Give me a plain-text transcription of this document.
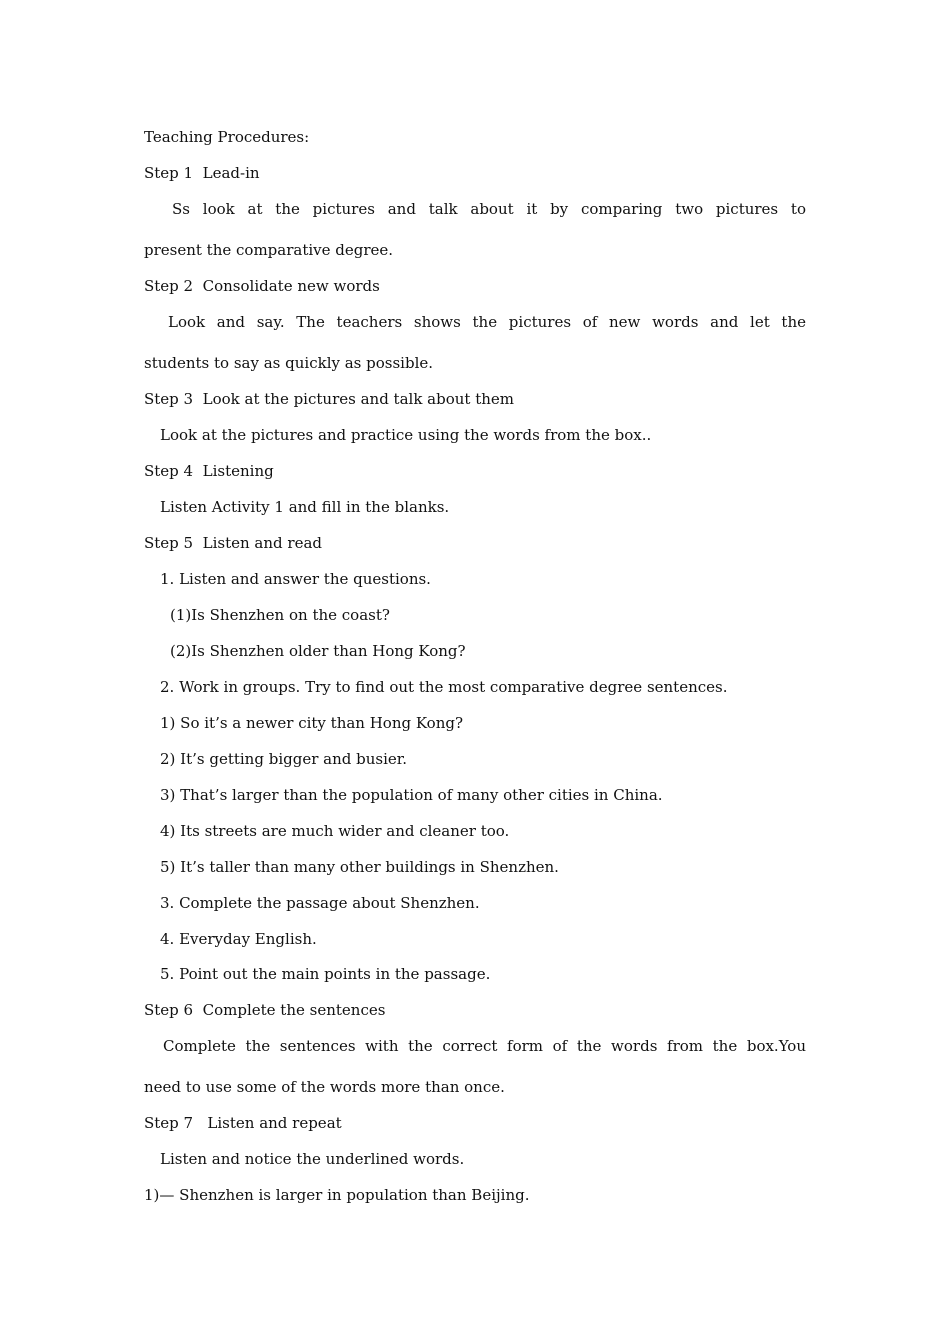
Teaching Procedures:
Step 1  Lead-in
Ss look at the pictures and talk about it by comparing two pictures to
present the comparative degree.
Step 2  Consolidate new words
Look and say. The teachers shows the pictures of new words and let the
students to say as quickly as possible.
Step 3  Look at the pictures and talk about them
Look at the pictures and practice using the words from the box..
Step 4  Listening
Listen Activity 1 and fill in the blanks.
Step 5  Listen and read
1. Listen and answer the questions.
(1)Is Shenzhen on the coast?
(2)Is Shenzhen older than Hong Kong?
2. Work in groups. Try to find out the most comparative degree sentences.
1) So it’s a newer city than Hong Kong?
2) It’s getting bigger and busier.
3) That’s larger than the population of many other cities in China.
4) Its streets are much wider and cleaner too.
5) It’s taller than many other buildings in Shenzhen.
3. Complete the passage about Shenzhen.
4. Everyday English.
5. Point out the main points in the passage.
Step 6  Complete the sentences
Complete the sentences with the correct form of the words from the box.You
need to use some of the words more than once.
Step 7   Listen and repeat
Listen and notice the underlined words.
1)— Shenzhen is larger in population than Beijing.
